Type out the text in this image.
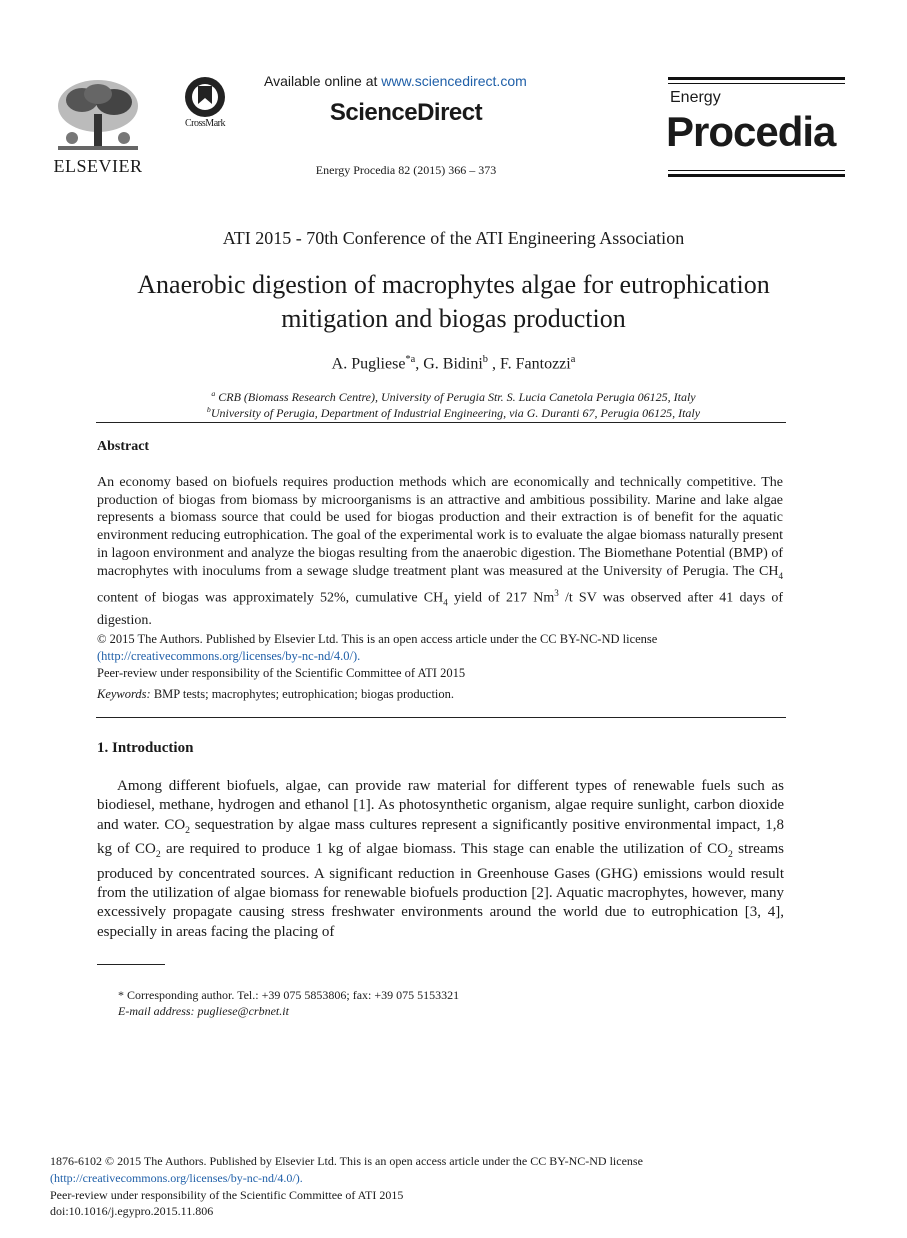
ELSEVIER
CrossMark
Available online at www.sciencedirect.com
ScienceDirect
Energy Procedia 82 (2015) 366 – 373
Energy
Procedia
ATI 2015 - 70th Conference of the ATI Engineering Association
Anaerobic digestion of macrophytes algae for eutrophication
mitigation and biogas production
A. Pugliese$^{*a}$, G. Bidini$^b$ , F. Fantozzi$^a$
$^a$ CRB (Biomass Research Centre), University of Perugia Str. S. Lucia Canetola Perugia 06125, Italy
$^b$University of Perugia, Department of Industrial Engineering, via G. Duranti 67, Perugia 06125, Italy
Abstract
An economy based on biofuels requires production methods which are economically and technically competitive. The production of biogas from biomass by microorganisms is an attractive and ambitious possibility. Marine and lake algae represents a biomass source that could be used for biogas production and their extraction is of benefit for the aquatic environment reducing eutrophication. The goal of the experimental work is to evaluate the algae biomass naturally present in lagoon environment and analyze the biogas resulting from the anaerobic digestion. The Biomethane Potential (BMP) of macrophytes with inoculums from a sewage sludge treatment plant was measured at the University of Perugia. The $CH_4$ content of biogas was approximately 52%, cumulative $CH_4$ yield of 217 Nm$^3$ /t SV was observed after 41 days of digestion.
© 2015 The Authors. Published by Elsevier Ltd. This is an open access article under the CC BY-NC-ND license
(http://creativecommons.org/licenses/by-nc-nd/4.0/).
Peer-review under responsibility of the Scientific Committee of ATI 2015
Keywords: BMP tests; macrophytes; eutrophication; biogas production.
1. Introduction
Among different biofuels, algae, can provide raw material for different types of renewable fuels such as biodiesel, methane, hydrogen and ethanol [1]. As photosynthetic organism, algae require sunlight, carbon dioxide and water. $CO_2$ sequestration by algae mass cultures represent a significantly positive environmental impact, 1,8 kg of $CO_2$ are required to produce 1 kg of algae biomass. This stage can enable the utilization of $CO_2$ streams produced by concentrated sources. A significant reduction in Greenhouse Gases (GHG) emissions would result from the utilization of algae biomass for renewable biofuels production [2]. Aquatic macrophytes, however, many excessively propagate causing stress freshwater environments around the world due to eutrophication [3, 4], especially in areas facing the placing of
* Corresponding author. Tel.: +39 075 5853806; fax: +39 075 5153321
E-mail address: pugliese@crbnet.it
1876-6102 © 2015 The Authors. Published by Elsevier Ltd. This is an open access article under the CC BY-NC-ND license
(http://creativecommons.org/licenses/by-nc-nd/4.0/).
Peer-review under responsibility of the Scientific Committee of ATI 2015
doi:10.1016/j.egypro.2015.11.806
